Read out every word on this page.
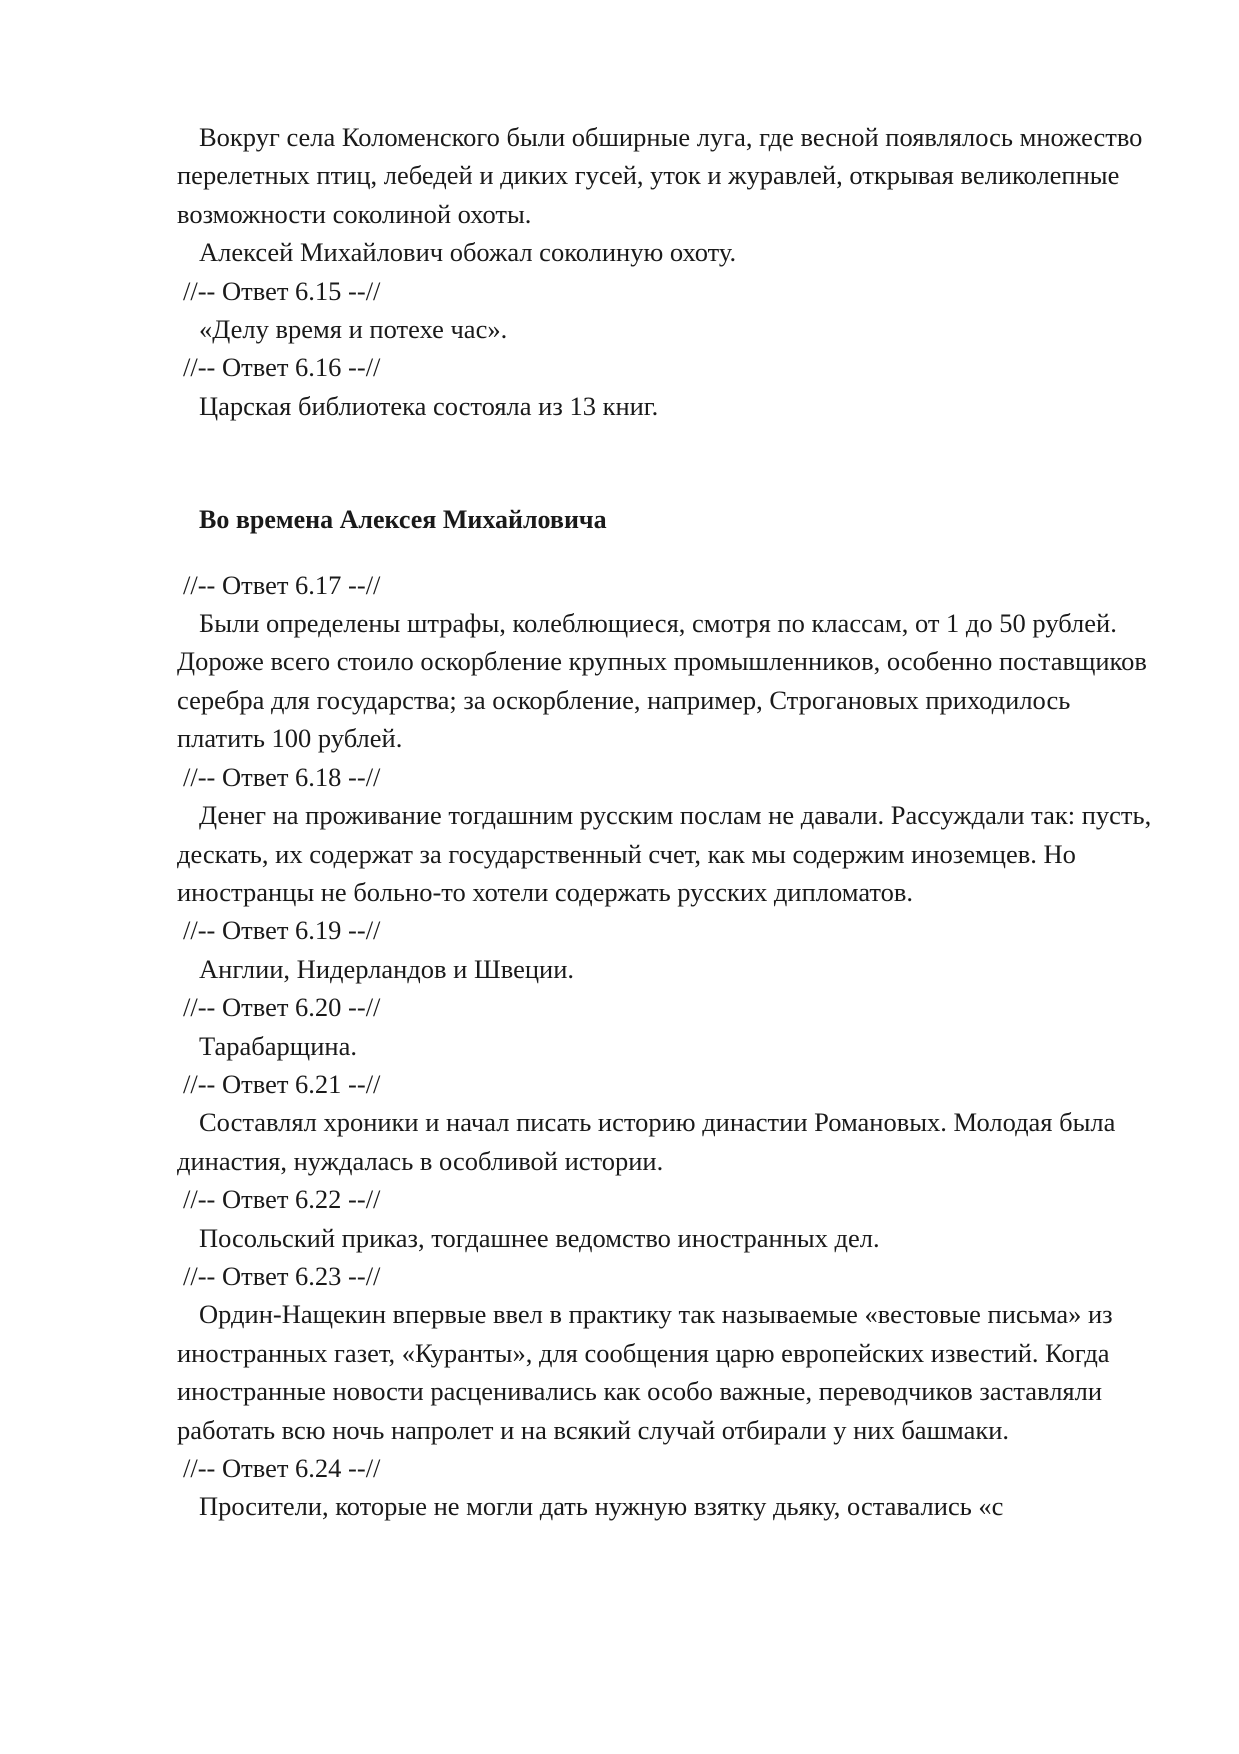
Вокруг села Коломенского были обширные луга, где весной появлялось множество перелетных птиц, лебедей и диких гусей, уток и журавлей, открывая великолепные возможности соколиной охоты.

Алексей Михайлович обожал соколиную охоту.

//-- Ответ 6.15 --//

«Делу время и потехе час».

//-- Ответ 6.16 --//

Царская библиотека состояла из 13 книг.

Во времена Алексея Михайловича

//-- Ответ 6.17 --//

Были определены штрафы, колеблющиеся, смотря по классам, от 1 до 50 рублей. Дороже всего стоило оскорбление крупных промышленников, особенно поставщиков серебра для государства; за оскорбление, например, Строгановых приходилось платить 100 рублей.

//-- Ответ 6.18 --//

Денег на проживание тогдашним русским послам не давали. Рассуждали так: пусть, дескать, их содержат за государственный счет, как мы содержим иноземцев. Но иностранцы не больно-то хотели содержать русских дипломатов.

//-- Ответ 6.19 --//

Англии, Нидерландов и Швеции.

//-- Ответ 6.20 --//

Тарабарщина.

//-- Ответ 6.21 --//

Составлял хроники и начал писать историю династии Романовых. Молодая была династия, нуждалась в особливой истории.

//-- Ответ 6.22 --//

Посольский приказ, тогдашнее ведомство иностранных дел.

//-- Ответ 6.23 --//

Ордин-Нащекин впервые ввел в практику так называемые «вестовые письма» из иностранных газет, «Куранты», для сообщения царю европейских известий. Когда иностранные новости расценивались как особо важные, переводчиков заставляли работать всю ночь напролет и на всякий случай отбирали у них башмаки.

//-- Ответ 6.24 --//

Просители, которые не могли дать нужную взятку дьяку, оставались «с
